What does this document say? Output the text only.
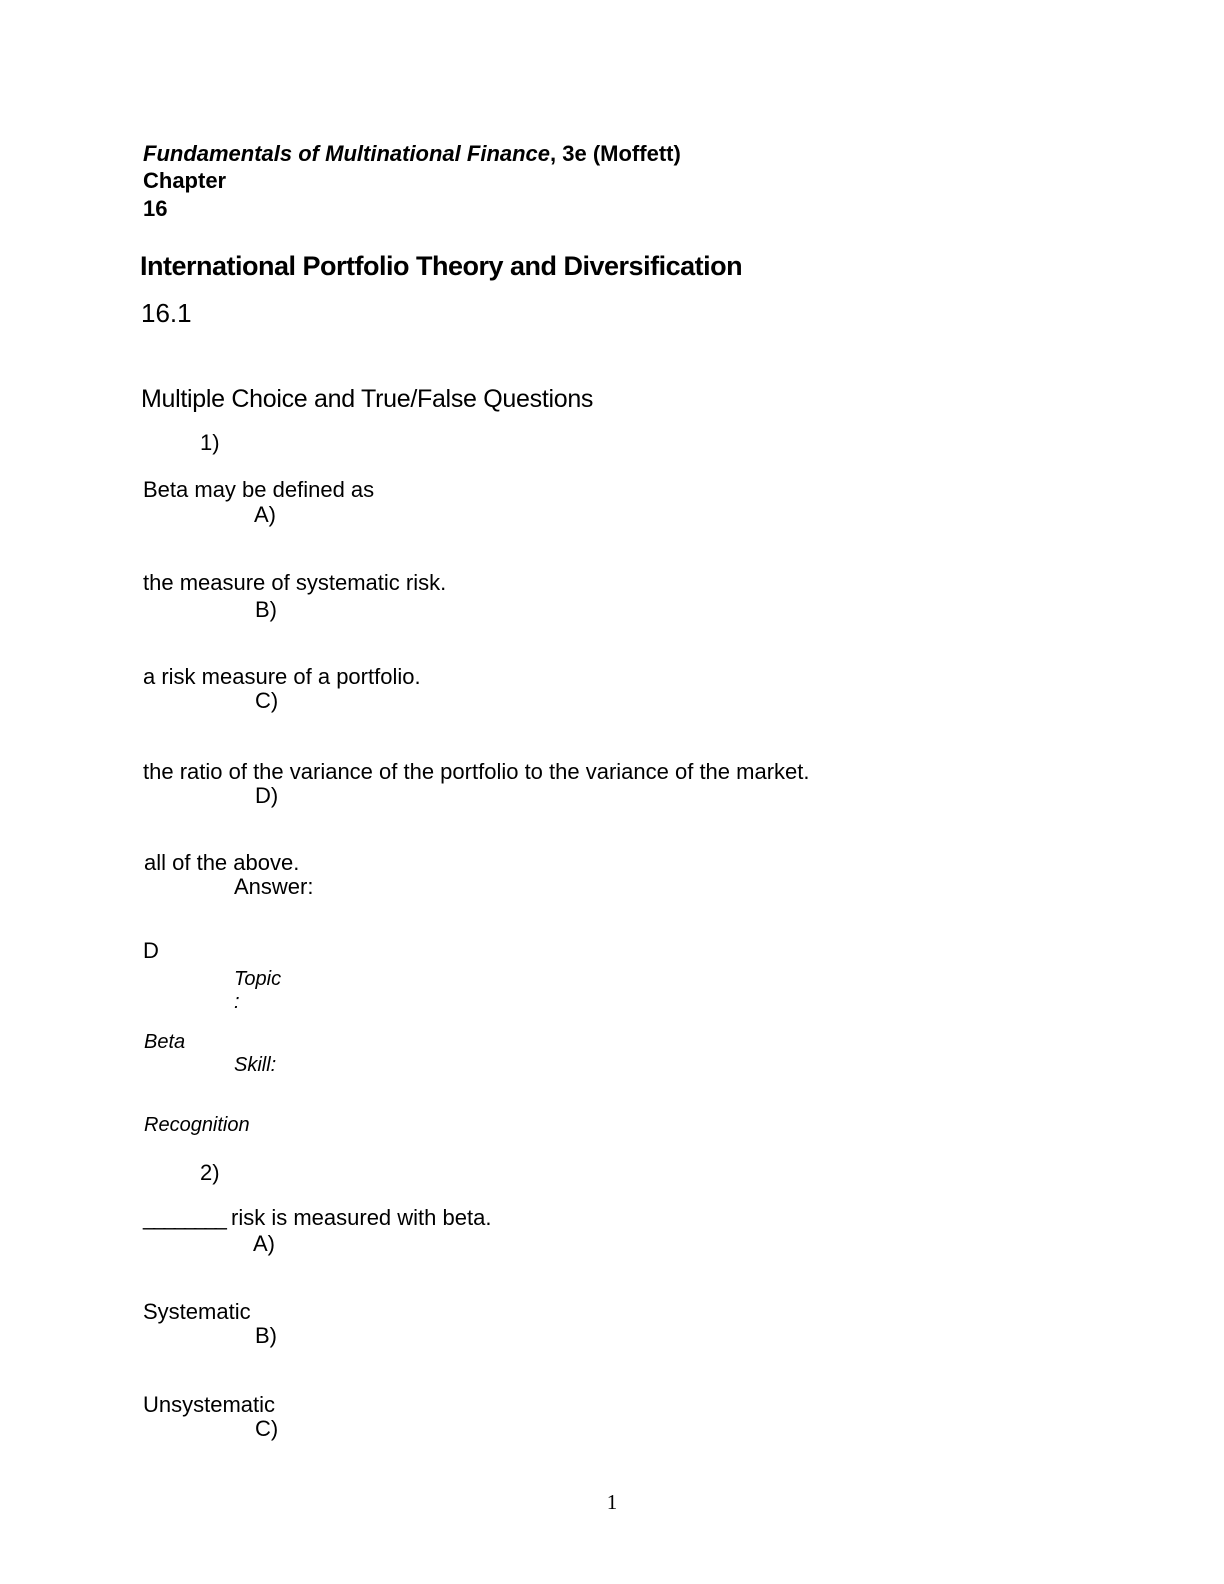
Fundamentals of Multinational Finance, 3e (Moffett)
Chapter
16
International Portfolio Theory and Diversification
16.1
Multiple Choice and True/False Questions
1)
Beta may be defined as
A)
the measure of systematic risk.
B)
a risk measure of a portfolio.
C)
the ratio of the variance of the portfolio to the variance of the market.
D)
all of the above.
Answer:
D
Topic
:
Beta
Skill:
Recognition
2)
________ risk is measured with beta.
A)
Systematic
B)
Unsystematic
C)
1
